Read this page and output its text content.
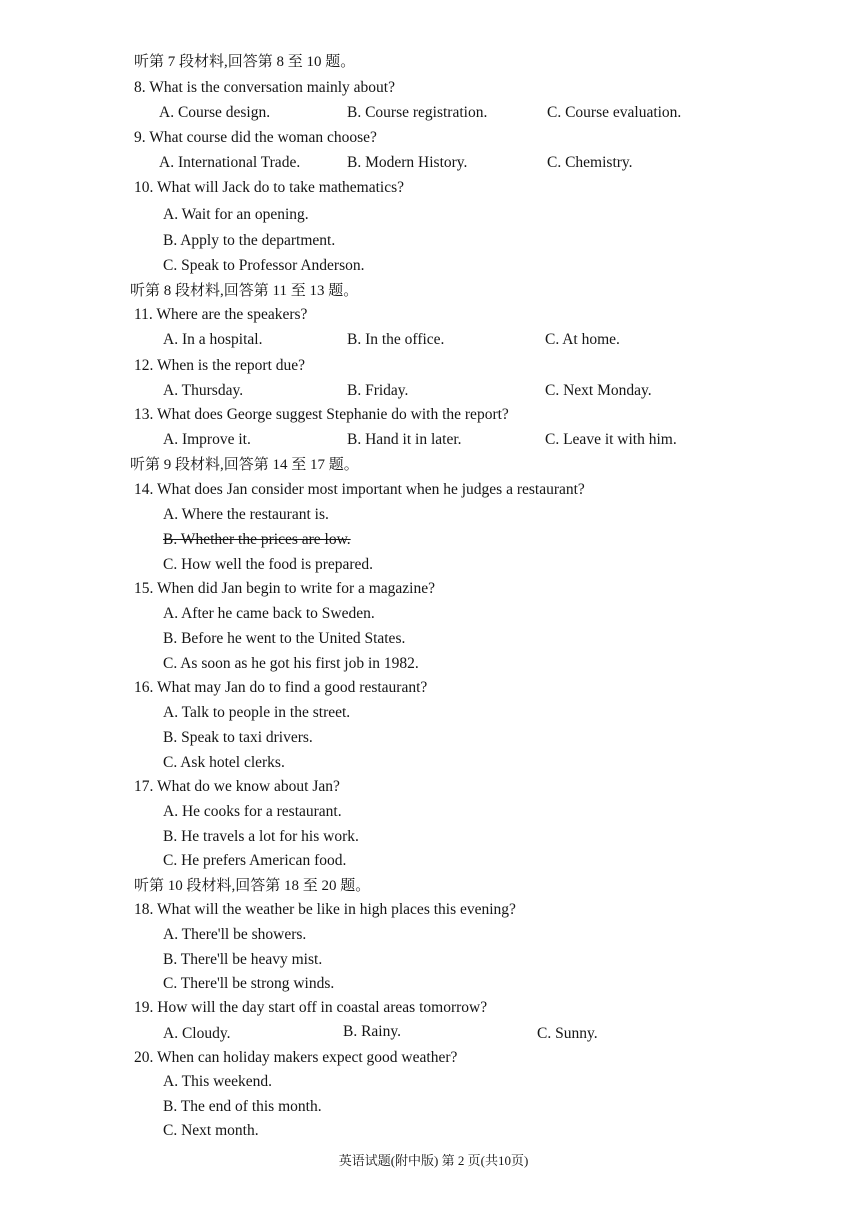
听第 7 段材料,回答第 8 至 10 题。
8. What is the conversation mainly about?
A. Course design.	B. Course registration.	C. Course evaluation.
9. What course did the woman choose?
A. International Trade.	B. Modern History.	C. Chemistry.
10. What will Jack do to take mathematics?
A. Wait for an opening.
B. Apply to the department.
C. Speak to Professor Anderson.
听第 8 段材料,回答第 11 至 13 题。
11. Where are the speakers?
A. In a hospital.	B. In the office.	C. At home.
12. When is the report due?
A. Thursday.	B. Friday.	C. Next Monday.
13. What does George suggest Stephanie do with the report?
A. Improve it.	B. Hand it in later.	C. Leave it with him.
听第 9 段材料,回答第 14 至 17 题。
14. What does Jan consider most important when he judges a restaurant?
A. Where the restaurant is.
B. Whether the prices are low.
C. How well the food is prepared.
15. When did Jan begin to write for a magazine?
A. After he came back to Sweden.
B. Before he went to the United States.
C. As soon as he got his first job in 1982.
16. What may Jan do to find a good restaurant?
A. Talk to people in the street.
B. Speak to taxi drivers.
C. Ask hotel clerks.
17. What do we know about Jan?
A. He cooks for a restaurant.
B. He travels a lot for his work.
C. He prefers American food.
听第 10 段材料,回答第 18 至 20 题。
18. What will the weather be like in high places this evening?
A. There'll be showers.
B. There'll be heavy mist.
C. There'll be strong winds.
19. How will the day start off in coastal areas tomorrow?
A. Cloudy.	B. Rainy.	C. Sunny.
20. When can holiday makers expect good weather?
A. This weekend.
B. The end of this month.
C. Next month.
英语试题(附中版) 第 2 页(共10页)
